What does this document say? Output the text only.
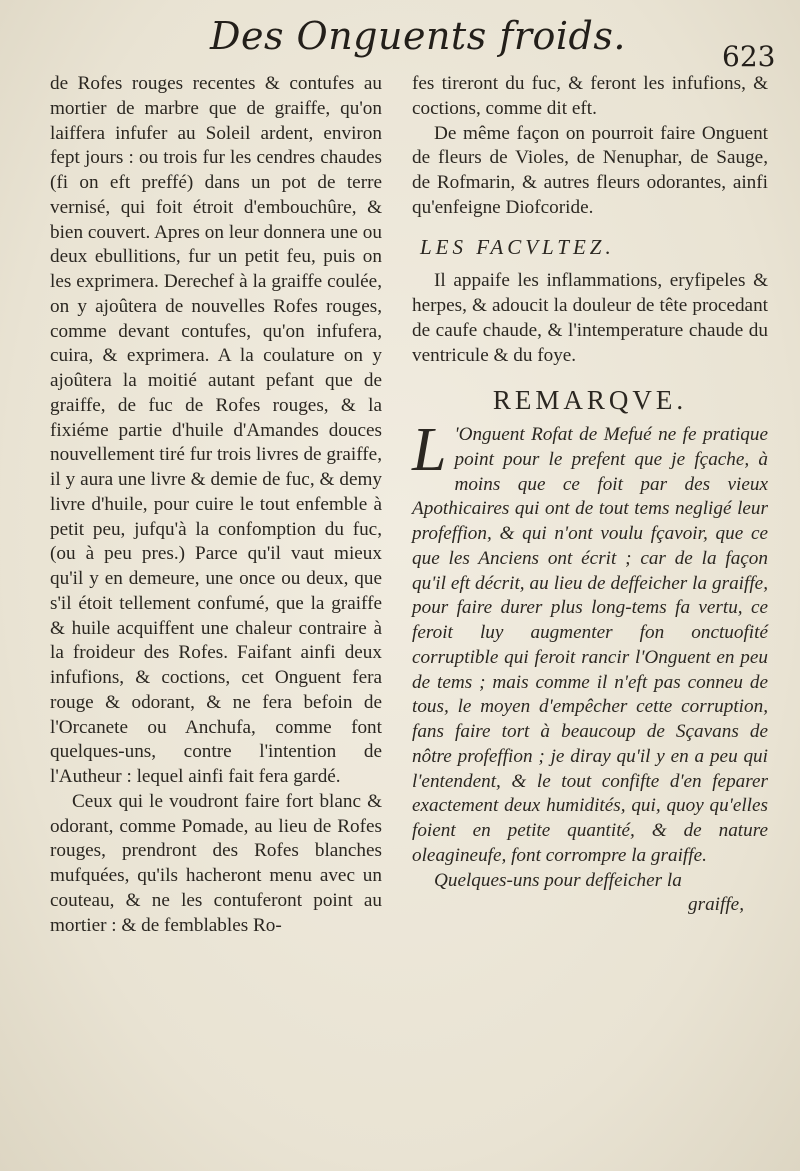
Des Onguents froids.	623

de Rofes rouges recentes & contufes au mortier de marbre que de graiffe, qu'on laiffera infufer au Soleil ardent, environ fept jours : ou trois fur les cendres chaudes (fi on eft preffé) dans un pot de terre vernisé, qui foit étroit d'embouchûre, & bien couvert. Apres on leur donnera une ou deux ebullitions, fur un petit feu, puis on les exprimera. Derechef à la graiffe coulée, on y ajoûtera de nouvelles Rofes rouges, comme devant contufes, qu'on infufera, cuira, & exprimera. A la coulature on y ajoûtera la moitié autant pefant que de graiffe, de fuc de Rofes rouges, & la fixiéme partie d'huile d'Amandes douces nouvellement tiré fur trois livres de graiffe, il y aura une livre & demie de fuc, & demy livre d'huile, pour cuire le tout enfemble à petit peu, jufqu'à la confomption du fuc, (ou à peu pres.) Parce qu'il vaut mieux qu'il y en demeure, une once ou deux, que s'il étoit tellement confumé, que la graiffe & huile acquiffent une chaleur contraire à la froideur des Rofes. Faifant ainfi deux infufions, & coctions, cet Onguent fera rouge & odorant, & ne fera befoin de l'Orcanete ou Anchufa, comme font quelques-uns, contre l'intention de l'Autheur : lequel ainfi fait fera gardé.

Ceux qui le voudront faire fort blanc & odorant, comme Pomade, au lieu de Rofes rouges, prendront des Rofes blanches mufquées, qu'ils hacheront menu avec un couteau, & ne les contuferont point au mortier : & de femblables Ro-

fes tireront du fuc, & feront les infufions, & coctions, comme dit eft.

De même façon on pourroit faire Onguent de fleurs de Violes, de Nenuphar, de Sauge, de Rofmarin, & autres fleurs odorantes, ainfi qu'enfeigne Diofcoride.

LES FACVLTEZ.

Il appaife les inflammations, eryfipeles & herpes, & adoucit la douleur de tête procedant de caufe chaude, & l'intemperature chaude du ventricule & du foye.

REMARQVE.

L 'Onguent Rofat de Mefué ne fe pratique point pour le prefent que je fçache, à moins que ce foit par des vieux Apothicaires qui ont de tout tems negligé leur profeffion, & qui n'ont voulu fçavoir, que ce que les Anciens ont écrit ; car de la façon qu'il eft décrit, au lieu de deffeicher la graiffe, pour faire durer plus long-tems fa vertu, ce feroit luy augmenter fon onctuofité corruptible qui feroit rancir l'Onguent en peu de tems ; mais comme il n'eft pas conneu de tous, le moyen d'empêcher cette corruption, fans faire tort à beaucoup de Sçavans de nôtre profeffion ; je diray qu'il y en a peu qui l'entendent, & le tout confifte d'en feparer exactement deux humidités, qui, quoy qu'elles foient en petite quantité, & de nature oleagineufe, font corrompre la graiffe.

Quelques-uns pour deffeicher la

graiffe,
